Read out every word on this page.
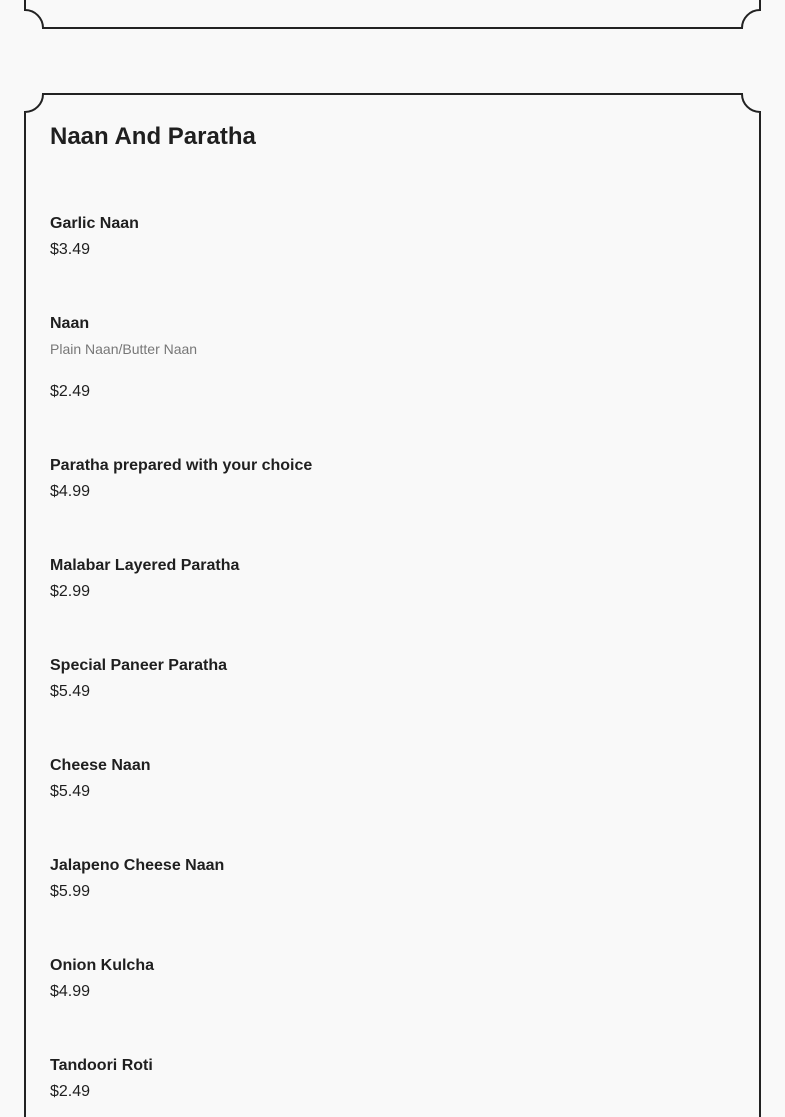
Naan And Paratha
Garlic Naan
$3.49
Naan
Plain Naan/Butter Naan
$2.49
Paratha prepared with your choice
$4.99
Malabar Layered Paratha
$2.99
Special Paneer Paratha
$5.49
Cheese Naan
$5.49
Jalapeno Cheese Naan
$5.99
Onion Kulcha
$4.99
Tandoori Roti
$2.49
